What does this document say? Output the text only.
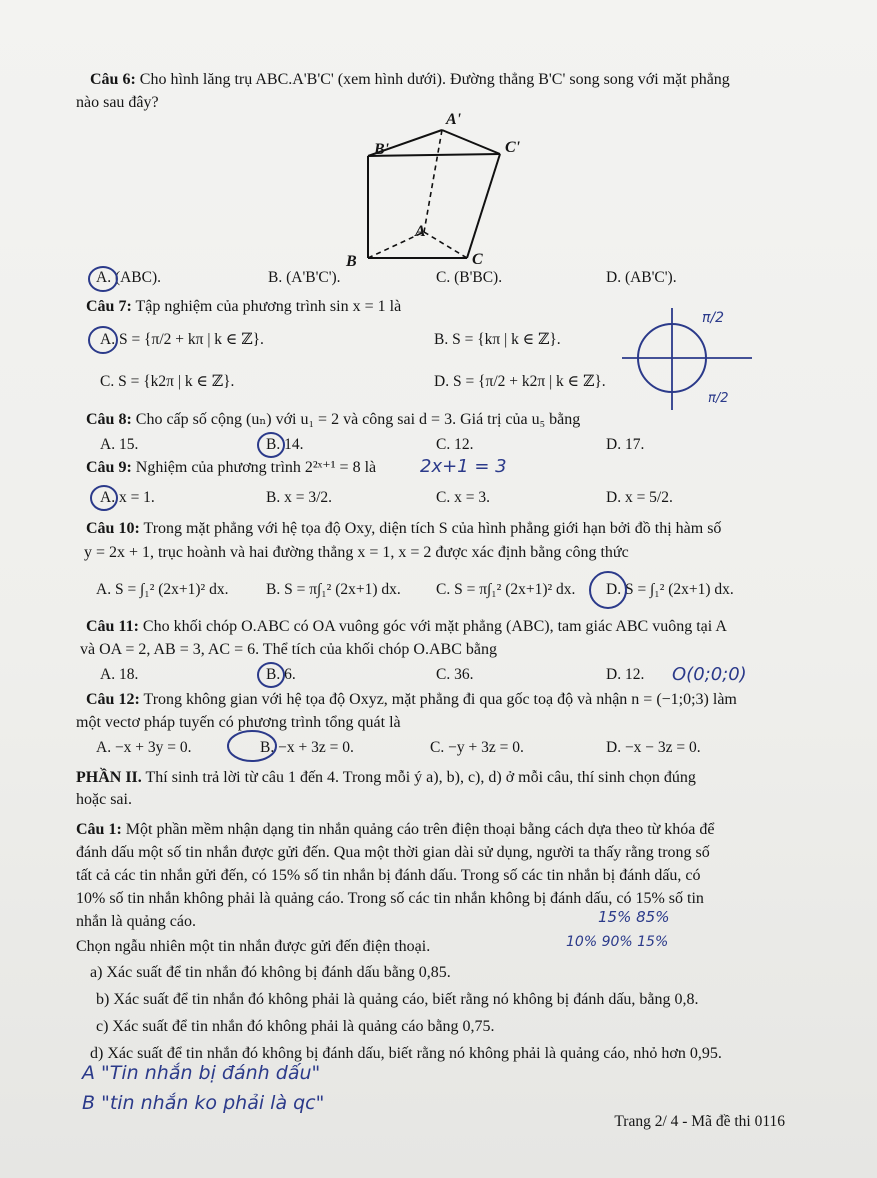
Câu 6: Cho hình lăng trụ ABC.A'B'C' (xem hình dưới). Đường thẳng B'C' song song với mặt phẳng
nào sau đây?
A'
B'	C'
A
B	C
A. (ABC).	B. (A'B'C').	C. (B'BC).	D. (AB'C').
Câu 7: Tập nghiệm của phương trình sin x = 1 là
A. S = {π/2 + kπ | k ∈ ℤ}.	B. S = {kπ | k ∈ ℤ}.
C. S = {k2π | k ∈ ℤ}.	D. S = {π/2 + k2π | k ∈ ℤ}.
π/2
π/2
Câu 8: Cho cấp số cộng (uₙ) với u₁ = 2 và công sai d = 3. Giá trị của u₅ bằng
A. 15.	B. 14.	C. 12.	D. 17.
Câu 9: Nghiệm của phương trình 2²ˣ⁺¹ = 8 là 2x+1 = 3
A. x = 1.	B. x = 3/2.	C. x = 3.	D. x = 5/2.
Câu 10: Trong mặt phẳng với hệ tọa độ Oxy, diện tích S của hình phẳng giới hạn bởi đồ thị hàm số
y = 2x + 1, trục hoành và hai đường thẳng x = 1, x = 2 được xác định bằng công thức
A. S = ∫₁² (2x+1)² dx. B. S = π∫₁² (2x+1) dx. C. S = π∫₁² (2x+1)² dx. D. S = ∫₁² (2x+1) dx.
Câu 11: Cho khối chóp O.ABC có OA vuông góc với mặt phẳng (ABC), tam giác ABC vuông tại A
và OA = 2, AB = 3, AC = 6. Thể tích của khối chóp O.ABC bằng
A. 18.	B. 6.	C. 36.	D. 12. O(0;0;0)
Câu 12: Trong không gian với hệ tọa độ Oxyz, mặt phẳng đi qua gốc toạ độ và nhận n = (−1;0;3) làm
một vectơ pháp tuyến có phương trình tổng quát là
A. −x + 3y = 0.	B. −x + 3z = 0.	C. −y + 3z = 0.	D. −x − 3z = 0.
PHẦN II. Thí sinh trả lời từ câu 1 đến 4. Trong mỗi ý a), b), c), d) ở mỗi câu, thí sinh chọn đúng
hoặc sai.
Câu 1: Một phần mềm nhận dạng tin nhắn quảng cáo trên điện thoại bằng cách dựa theo từ khóa để
đánh dấu một số tin nhắn được gửi đến. Qua một thời gian dài sử dụng, người ta thấy rằng trong số
tất cả các tin nhắn gửi đến, có 15% số tin nhắn bị đánh dấu. Trong số các tin nhắn bị đánh dấu, có
10% số tin nhắn không phải là quảng cáo. Trong số các tin nhắn không bị đánh dấu, có 15% số tin
nhắn là quảng cáo.
Chọn ngẫu nhiên một tin nhắn được gửi đến điện thoại.
a) Xác suất để tin nhắn đó không bị đánh dấu bằng 0,85.
b) Xác suất để tin nhắn đó không phải là quảng cáo, biết rằng nó không bị đánh dấu, bằng 0,8.
c) Xác suất để tin nhắn đó không phải là quảng cáo bằng 0,75.
d) Xác suất để tin nhắn đó không bị đánh dấu, biết rằng nó không phải là quảng cáo, nhỏ hơn 0,95.
15% 85%
10% 90% 15%
A "Tin nhắn bị đánh dấu"
B "tin nhắn ko phải là qc"
Trang 2/ 4 - Mã đề thi 0116
